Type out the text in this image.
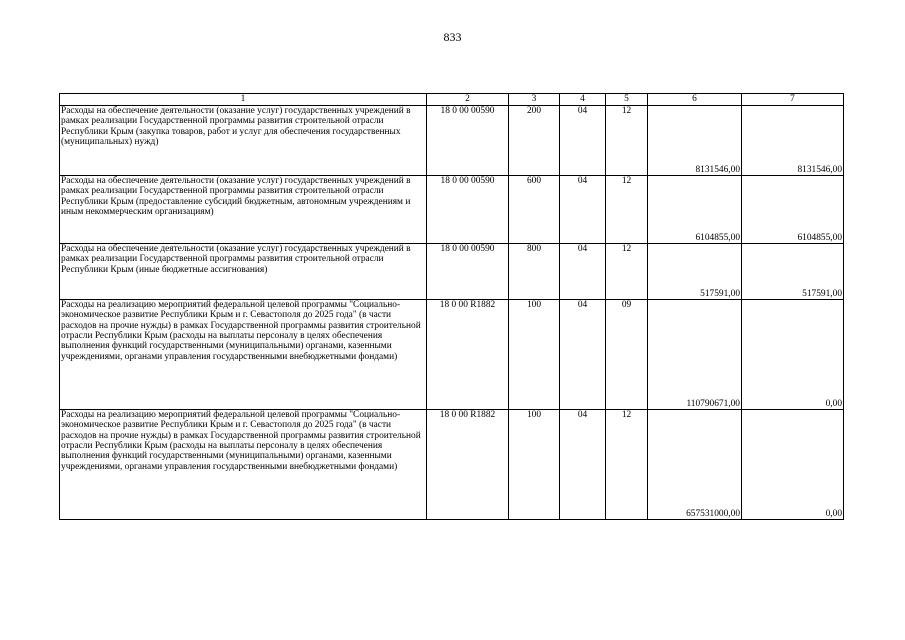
833
1	2	3	4	5	6	7
Расходы на обеспечение деятельности (оказание услуг) государственных учреждений в рамках реализации Государственной программы развития строительной отрасли Республики Крым (закупка товаров, работ и услуг для обеспечения государственных (муниципальных) нужд)	18 0 00 00590	200	04	12	8131546,00	8131546,00
Расходы на обеспечение деятельности (оказание услуг) государственных учреждений в рамках реализации Государственной программы развития строительной отрасли Республики Крым (предоставление субсидий бюджетным, автономным учреждениям и иным некоммерческим организациям)	18 0 00 00590	600	04	12	6104855,00	6104855,00
Расходы на обеспечение деятельности (оказание услуг) государственных учреждений в рамках реализации Государственной программы развития строительной отрасли Республики Крым (иные бюджетные ассигнования)	18 0 00 00590	800	04	12	517591,00	517591,00
Расходы на реализацию мероприятий федеральной целевой программы "Социально-экономическое развитие Республики Крым и г. Севастополя до 2025 года" (в части расходов на прочие нужды) в рамках Государственной программы развития строительной отрасли Республики Крым (расходы на выплаты персоналу в целях обеспечения выполнения функций государственными (муниципальными) органами, казенными учреждениями, органами управления государственными внебюджетными фондами)	18 0 00 R1882	100	04	09	110790671,00	0,00
Расходы на реализацию мероприятий федеральной целевой программы "Социально-экономическое развитие Республики Крым и г. Севастополя до 2025 года" (в части расходов на прочие нужды) в рамках Государственной программы развития строительной отрасли Республики Крым (расходы на выплаты персоналу в целях обеспечения выполнения функций государственными (муниципальными) органами, казенными учреждениями, органами управления государственными внебюджетными фондами)	18 0 00 R1882	100	04	12	657531000,00	0,00
